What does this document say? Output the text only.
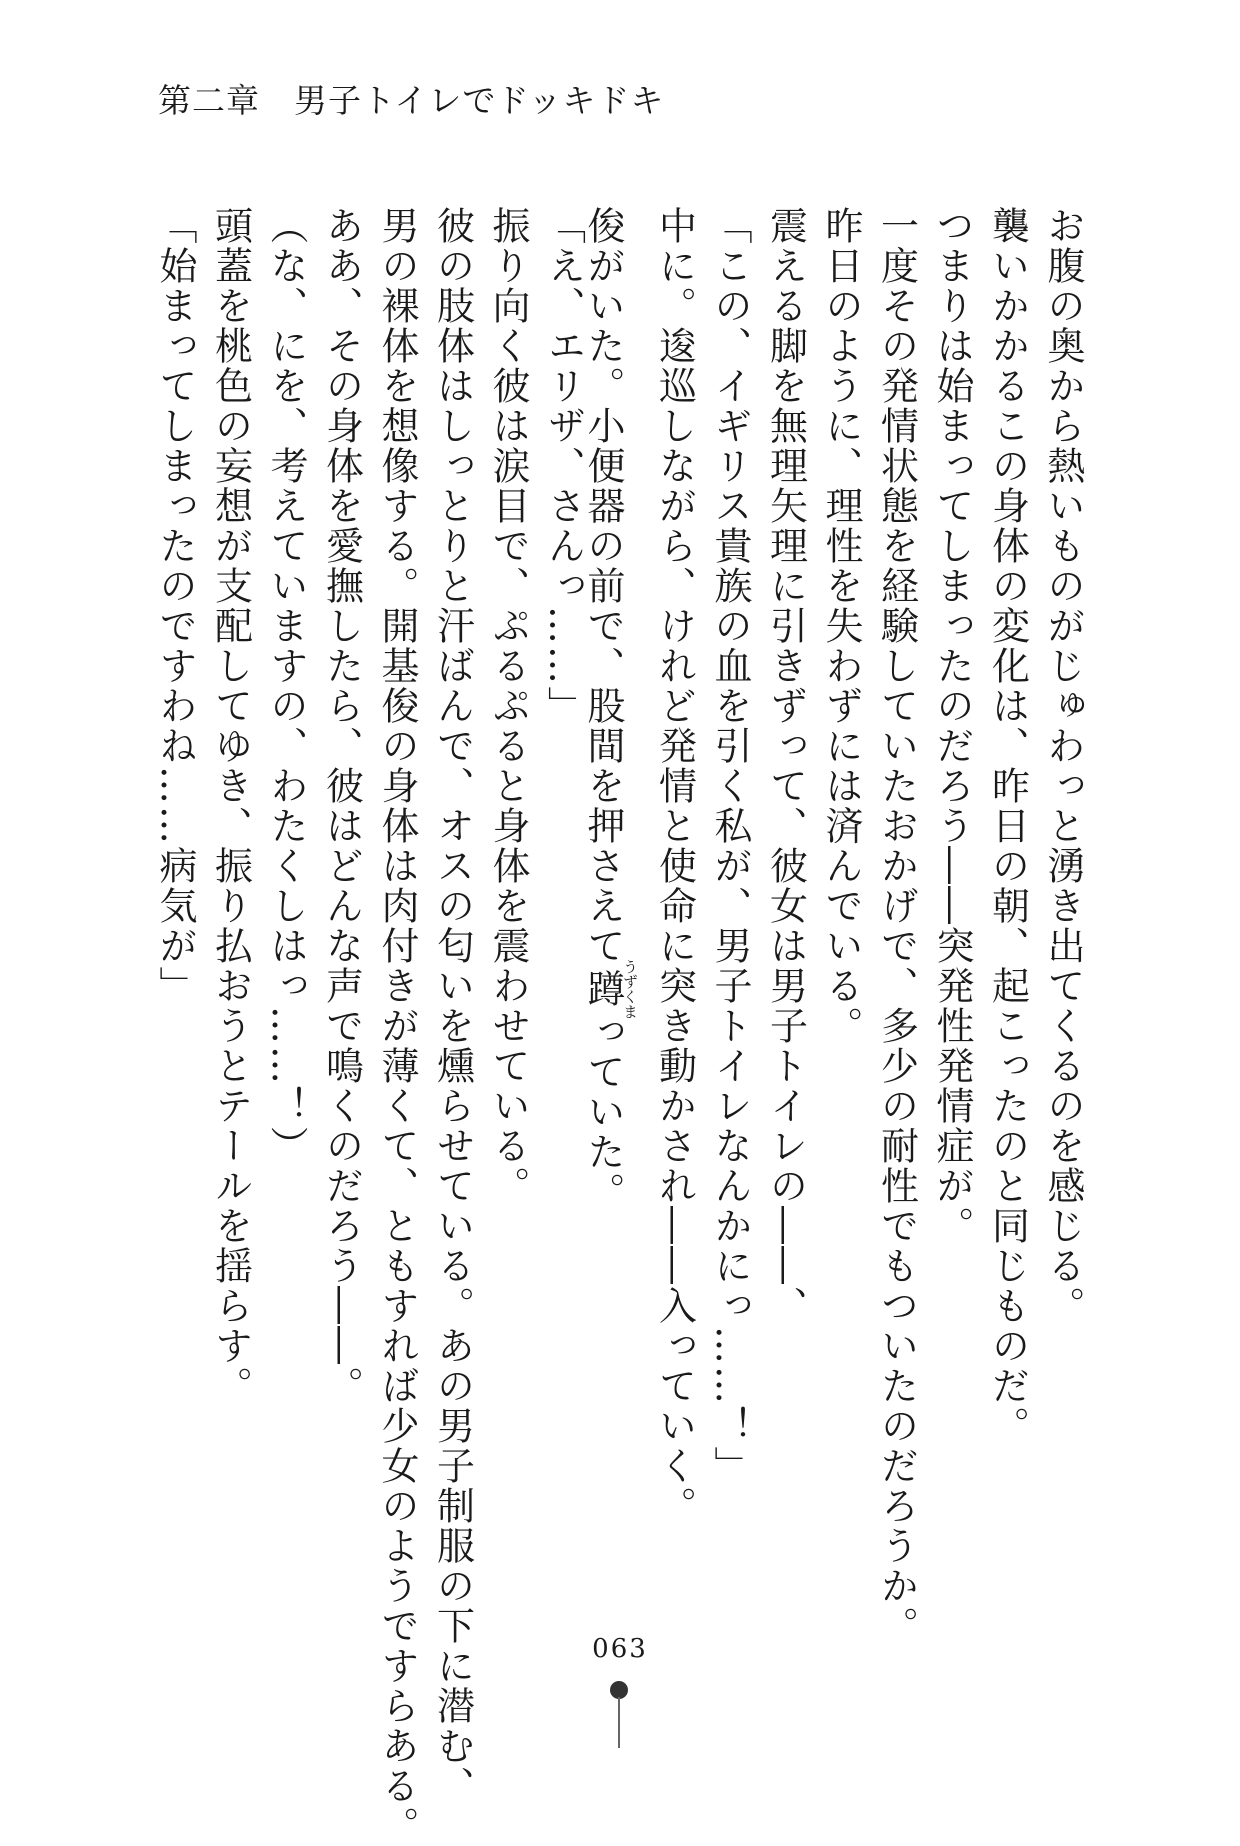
第二章　男子トイレでドッキドキ
お腹の奥から熱いものがじゅわっと湧き出てくるのを感じる。
襲いかかるこの身体の変化は、昨日の朝、起こったのと同じものだ。
つまりは始まってしまったのだろう――突発性発情症が。
一度その発情状態を経験していたおかげで、多少の耐性でもついたのだろうか。
昨日のように、理性を失わずには済んでいる。
震える脚を無理矢理に引きずって、彼女は男子トイレの――、
「この、イギリス貴族の血を引く私が、男子トイレなんかにっ……！」
中に。逡巡しながら、けれど発情と使命に突き動かされ――入っていく。
俊がいた。小便器の前で、股間を押さえて蹲うずくまっていた。
「え、エリザ、さんっ……」
振り向く彼は涙目で、ぷるぷると身体を震わせている。
彼の肢体はしっとりと汗ばんで、オスの匂いを燻らせている。あの男子制服の下に潜む、
男の裸体を想像する。開基俊の身体は肉付きが薄くて、ともすれば少女のようですらある。
ああ、その身体を愛撫したら、彼はどんな声で鳴くのだろう――。
（な、にを、考えていますの、わたくしはっ……！）
頭蓋を桃色の妄想が支配してゆき、振り払おうとテールを揺らす。
「始まってしまったのですわね……病気が」
063
